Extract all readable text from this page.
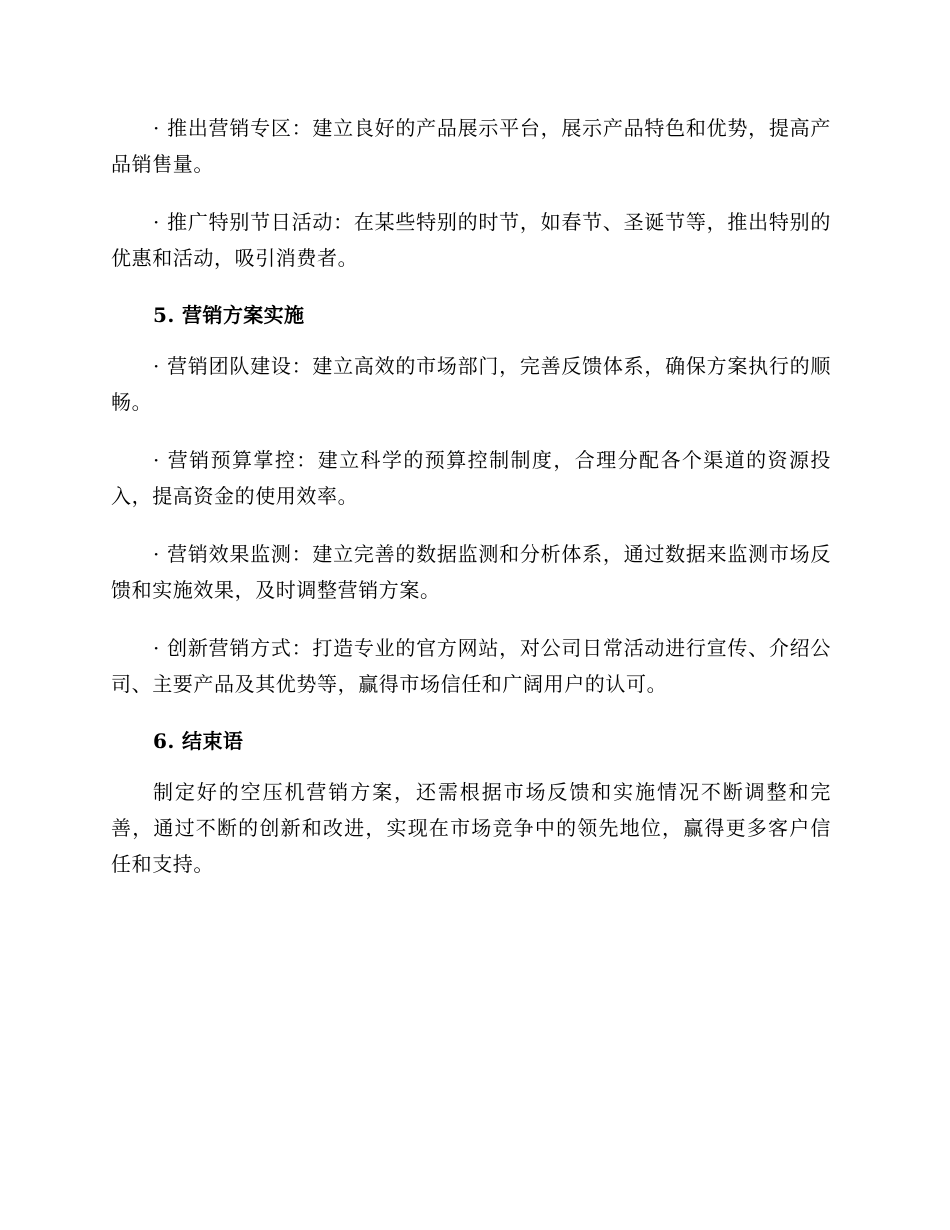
· 推出营销专区：建立良好的产品展示平台，展示产品特色和优势，提高产品销售量。

· 推广特别节日活动：在某些特别的时节，如春节、圣诞节等，推出特别的优惠和活动，吸引消费者。

5. 营销方案实施

· 营销团队建设：建立高效的市场部门，完善反馈体系，确保方案执行的顺畅。

· 营销预算掌控：建立科学的预算控制制度，合理分配各个渠道的资源投入，提高资金的使用效率。

· 营销效果监测：建立完善的数据监测和分析体系，通过数据来监测市场反馈和实施效果，及时调整营销方案。

· 创新营销方式：打造专业的官方网站，对公司日常活动进行宣传、介绍公司、主要产品及其优势等，赢得市场信任和广阔用户的认可。

6. 结束语

制定好的空压机营销方案，还需根据市场反馈和实施情况不断调整和完善，通过不断的创新和改进，实现在市场竞争中的领先地位，赢得更多客户信任和支持。
